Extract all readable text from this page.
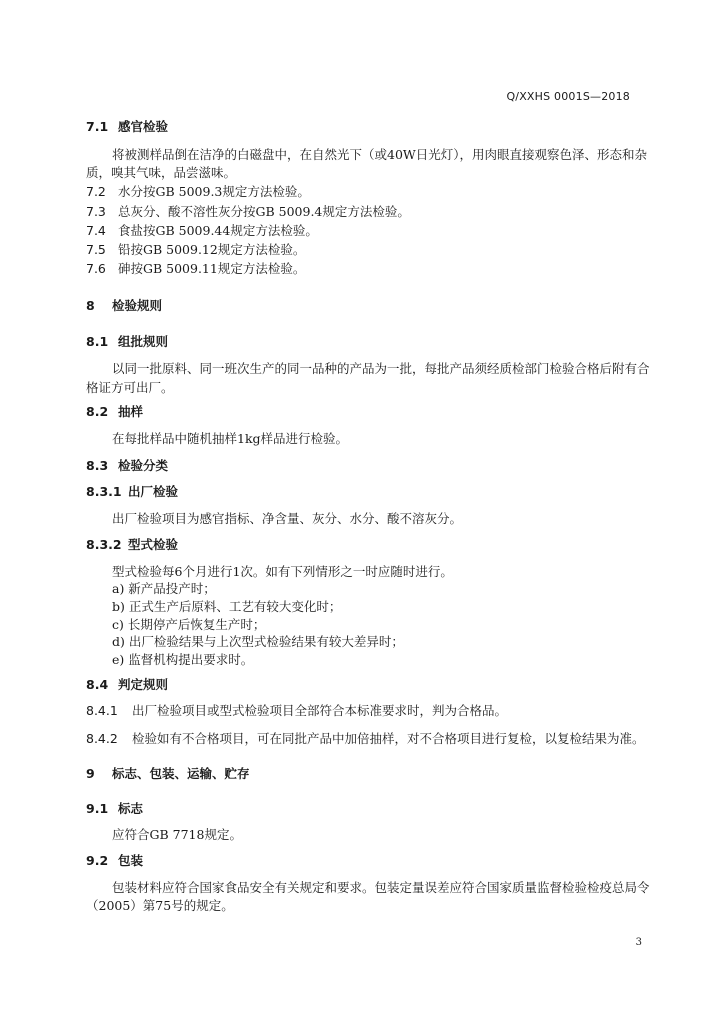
Q/XXHS 0001S—2018
7.1 感官检验
将被测样品倒在洁净的白磁盘中，在自然光下（或40W日光灯），用肉眼直接观察色泽、形态和杂
质，嗅其气味，品尝滋味。
7.2 水分按GB 5009.3规定方法检验。
7.3 总灰分、酸不溶性灰分按GB 5009.4规定方法检验。
7.4 食盐按GB 5009.44规定方法检验。
7.5 铅按GB 5009.12规定方法检验。
7.6 砷按GB 5009.11规定方法检验。
8 检验规则
8.1 组批规则
以同一批原料、同一班次生产的同一品种的产品为一批，每批产品须经质检部门检验合格后附有合
格证方可出厂。
8.2 抽样
在每批样品中随机抽样1kg样品进行检验。
8.3 检验分类
8.3.1 出厂检验
出厂检验项目为感官指标、净含量、灰分、水分、酸不溶灰分。
8.3.2 型式检验
型式检验每6个月进行1次。如有下列情形之一时应随时进行。
a) 新产品投产时；
b) 正式生产后原料、工艺有较大变化时；
c) 长期停产后恢复生产时；
d) 出厂检验结果与上次型式检验结果有较大差异时；
e) 监督机构提出要求时。
8.4 判定规则
8.4.1 出厂检验项目或型式检验项目全部符合本标准要求时，判为合格品。
8.4.2 检验如有不合格项目，可在同批产品中加倍抽样，对不合格项目进行复检，以复检结果为准。
9 标志、包装、运输、贮存
9.1 标志
应符合GB 7718规定。
9.2 包装
包装材料应符合国家食品安全有关规定和要求。包装定量误差应符合国家质量监督检验检疫总局令
（2005）第75号的规定。
3
